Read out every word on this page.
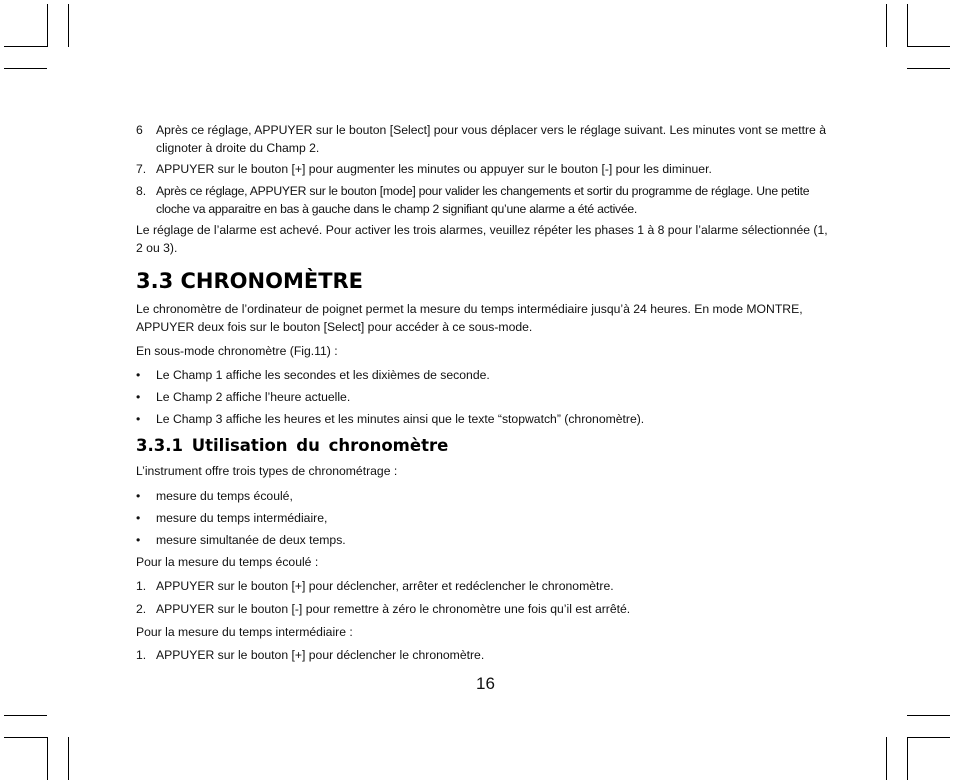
6 Après ce réglage, APPUYER sur le bouton [Select] pour vous déplacer vers le réglage suivant. Les minutes vont se mettre à clignoter à droite du Champ 2.
7. APPUYER sur le bouton [+] pour augmenter les minutes ou appuyer sur le bouton [-] pour les diminuer.
8. Après ce réglage, APPUYER sur le bouton [mode] pour valider les changements et sortir du programme de réglage. Une petite cloche va apparaitre en bas à gauche dans le champ 2 signifiant qu’une alarme a été activée.
Le réglage de l’alarme est achevé. Pour activer les trois alarmes, veuillez répéter les phases 1 à 8 pour l’alarme sélectionnée (1, 2 ou 3).
3.3 CHRONOMÈTRE
Le chronomètre de l’ordinateur de poignet permet la mesure du temps intermédiaire jusqu’à 24 heures. En mode MONTRE, APPUYER deux fois sur le bouton [Select] pour accéder à ce sous-mode.
En sous-mode chronomètre (Fig.11) :
• Le Champ 1 affiche les secondes et les dixièmes de seconde.
• Le Champ 2 affiche l’heure actuelle.
• Le Champ 3 affiche les heures et les minutes ainsi que le texte “stopwatch” (chronomètre).
3.3.1 Utilisation du chronomètre
L’instrument offre trois types de chronométrage :
• mesure du temps écoulé,
• mesure du temps intermédiaire,
• mesure simultanée de deux temps.
Pour la mesure du temps écoulé :
1. APPUYER sur le bouton [+] pour déclencher, arrêter et redéclencher le chronomètre.
2. APPUYER sur le bouton [-] pour remettre à zéro le chronomètre une fois qu’il est arrêté.
Pour la mesure du temps intermédiaire :
1. APPUYER sur le bouton [+] pour déclencher le chronomètre.
16
